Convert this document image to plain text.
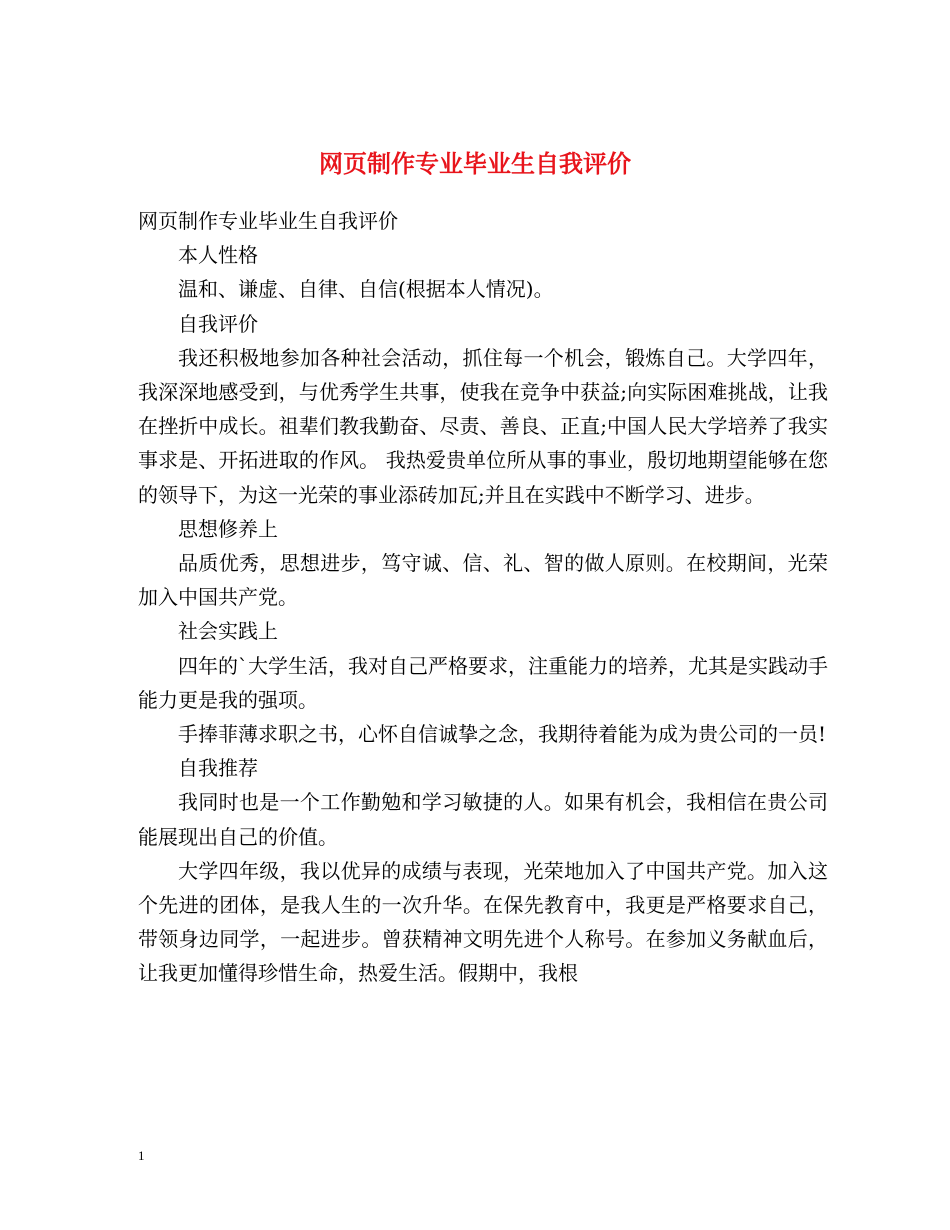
网页制作专业毕业生自我评价

网页制作专业毕业生自我评价

本人性格

温和、谦虚、自律、自信(根据本人情况)。

自我评价

我还积极地参加各种社会活动，抓住每一个机会，锻炼自己。大学四年，我深深地感受到，与优秀学生共事，使我在竞争中获益;向实际困难挑战，让我在挫折中成长。祖辈们教我勤奋、尽责、善良、正直;中国人民大学培养了我实事求是、开拓进取的作风。 我热爱贵单位所从事的事业，殷切地期望能够在您的领导下，为这一光荣的事业添砖加瓦;并且在实践中不断学习、进步。

思想修养上

品质优秀，思想进步，笃守诚、信、礼、智的做人原则。在校期间，光荣加入中国共产党。

社会实践上

四年的`大学生活，我对自己严格要求，注重能力的培养，尤其是实践动手能力更是我的强项。

手捧菲薄求职之书，心怀自信诚挚之念，我期待着能为成为贵公司的一员!

自我推荐

我同时也是一个工作勤勉和学习敏捷的人。如果有机会，我相信在贵公司能展现出自己的价值。

大学四年级，我以优异的成绩与表现，光荣地加入了中国共产党。加入这个先进的团体，是我人生的一次升华。在保先教育中，我更是严格要求自己，带领身边同学，一起进步。曾获精神文明先进个人称号。在参加义务献血后，让我更加懂得珍惜生命，热爱生活。假期中，我根

1
